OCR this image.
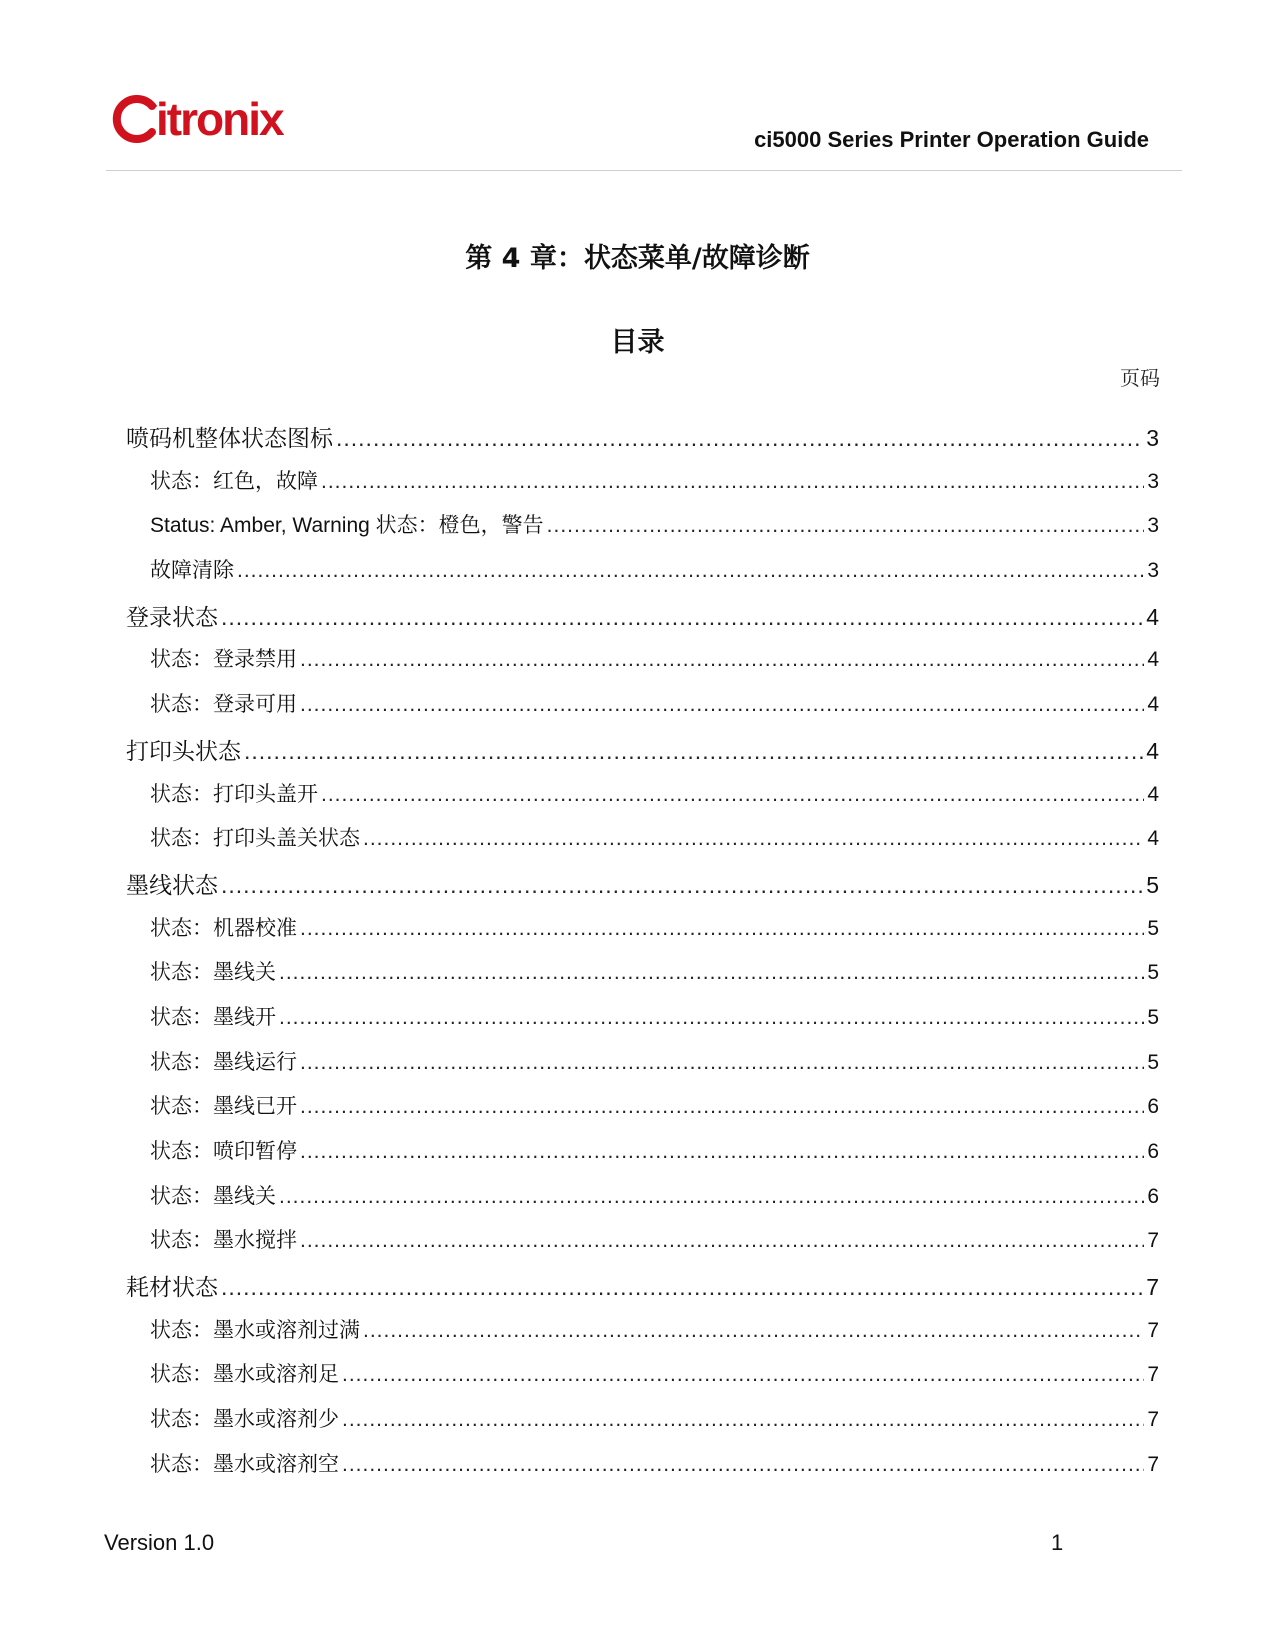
itronix	ci5000 Series Printer Operation Guide
第 4 章：状态菜单/故障诊断
目录
页码
喷码机整体状态图标 .....	3
状态：红色，故障 .....	3
Status: Amber, Warning 状态：橙色，警告 .....	3
故障清除 .....	3
登录状态 .....	4
状态：登录禁用 .....	4
状态：登录可用 .....	4
打印头状态 .....	4
状态：打印头盖开 .....	4
状态：打印头盖关状态 .....	4
墨线状态 .....	5
状态：机器校准 .....	5
状态：墨线关 .....	5
状态：墨线开 .....	5
状态：墨线运行 .....	5
状态：墨线已开 .....	6
状态：喷印暂停 .....	6
状态：墨线关 .....	6
状态：墨水搅拌 .....	7
耗材状态 .....	7
状态：墨水或溶剂过满 .....	7
状态：墨水或溶剂足 .....	7
状态：墨水或溶剂少 .....	7
状态：墨水或溶剂空 .....	7
Version 1.0	1
